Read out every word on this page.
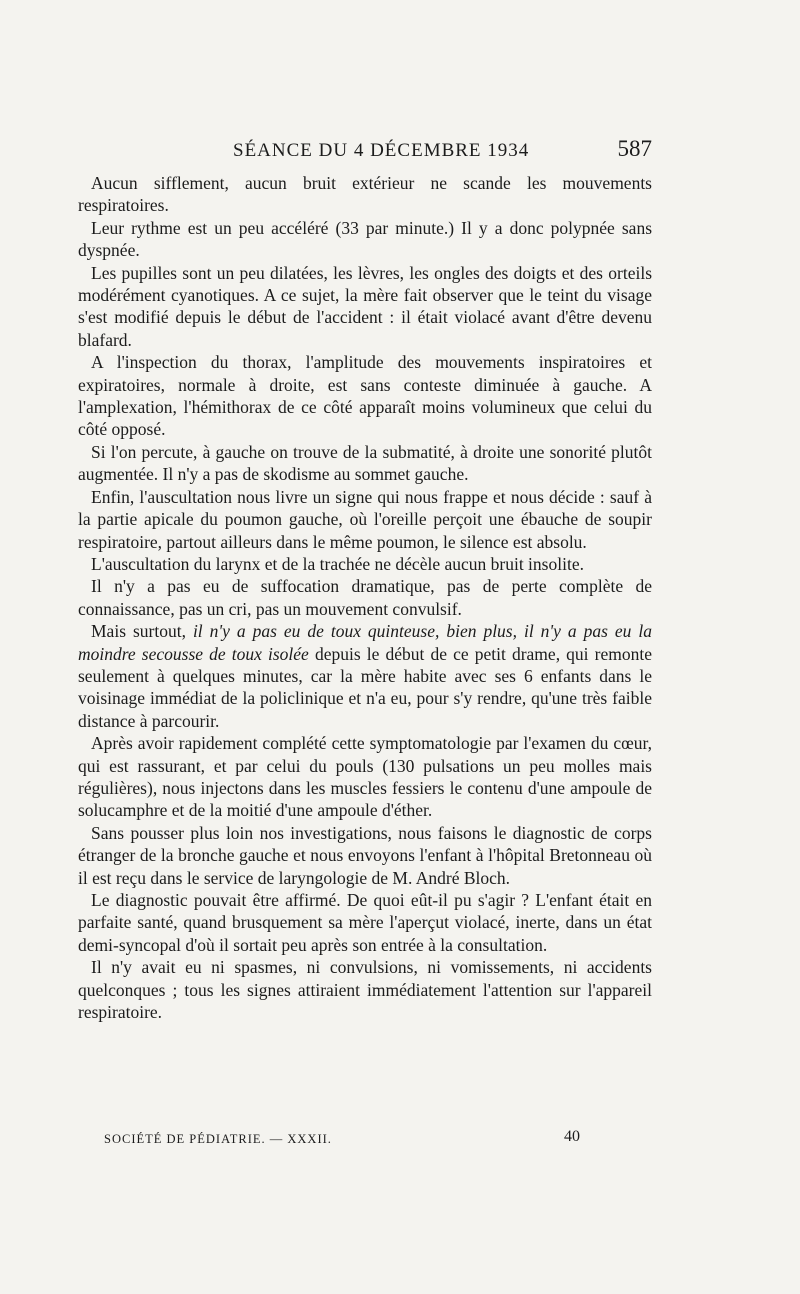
SÉANCE DU 4 DÉCEMBRE 1934	587

Aucun sifflement, aucun bruit extérieur ne scande les mouvements respiratoires.

Leur rythme est un peu accéléré (33 par minute.) Il y a donc polypnée sans dyspnée.

Les pupilles sont un peu dilatées, les lèvres, les ongles des doigts et des orteils modérément cyanotiques. A ce sujet, la mère fait observer que le teint du visage s'est modifié depuis le début de l'accident : il était violacé avant d'être devenu blafard.

A l'inspection du thorax, l'amplitude des mouvements inspiratoires et expiratoires, normale à droite, est sans conteste diminuée à gauche. A l'amplexation, l'hémithorax de ce côté apparaît moins volumineux que celui du côté opposé.

Si l'on percute, à gauche on trouve de la submatité, à droite une sonorité plutôt augmentée. Il n'y a pas de skodisme au sommet gauche.

Enfin, l'auscultation nous livre un signe qui nous frappe et nous décide : sauf à la partie apicale du poumon gauche, où l'oreille perçoit une ébauche de soupir respiratoire, partout ailleurs dans le même poumon, le silence est absolu.

L'auscultation du larynx et de la trachée ne décèle aucun bruit insolite.

Il n'y a pas eu de suffocation dramatique, pas de perte complète de connaissance, pas un cri, pas un mouvement convulsif.

Mais surtout, il n'y a pas eu de toux quinteuse, bien plus, il n'y a pas eu la moindre secousse de toux isolée depuis le début de ce petit drame, qui remonte seulement à quelques minutes, car la mère habite avec ses 6 enfants dans le voisinage immédiat de la policlinique et n'a eu, pour s'y rendre, qu'une très faible distance à parcourir.

Après avoir rapidement complété cette symptomatologie par l'examen du cœur, qui est rassurant, et par celui du pouls (130 pulsations un peu molles mais régulières), nous injectons dans les muscles fessiers le contenu d'une ampoule de solucamphre et de la moitié d'une ampoule d'éther.

Sans pousser plus loin nos investigations, nous faisons le diagnostic de corps étranger de la bronche gauche et nous envoyons l'enfant à l'hôpital Bretonneau où il est reçu dans le service de laryngologie de M. André Bloch.

Le diagnostic pouvait être affirmé. De quoi eût-il pu s'agir ? L'enfant était en parfaite santé, quand brusquement sa mère l'aperçut violacé, inerte, dans un état demi-syncopal d'où il sortait peu après son entrée à la consultation.

Il n'y avait eu ni spasmes, ni convulsions, ni vomissements, ni accidents quelconques ; tous les signes attiraient immédiatement l'attention sur l'appareil respiratoire.

SOCIÉTÉ DE PÉDIATRIE. — XXXII.	40
